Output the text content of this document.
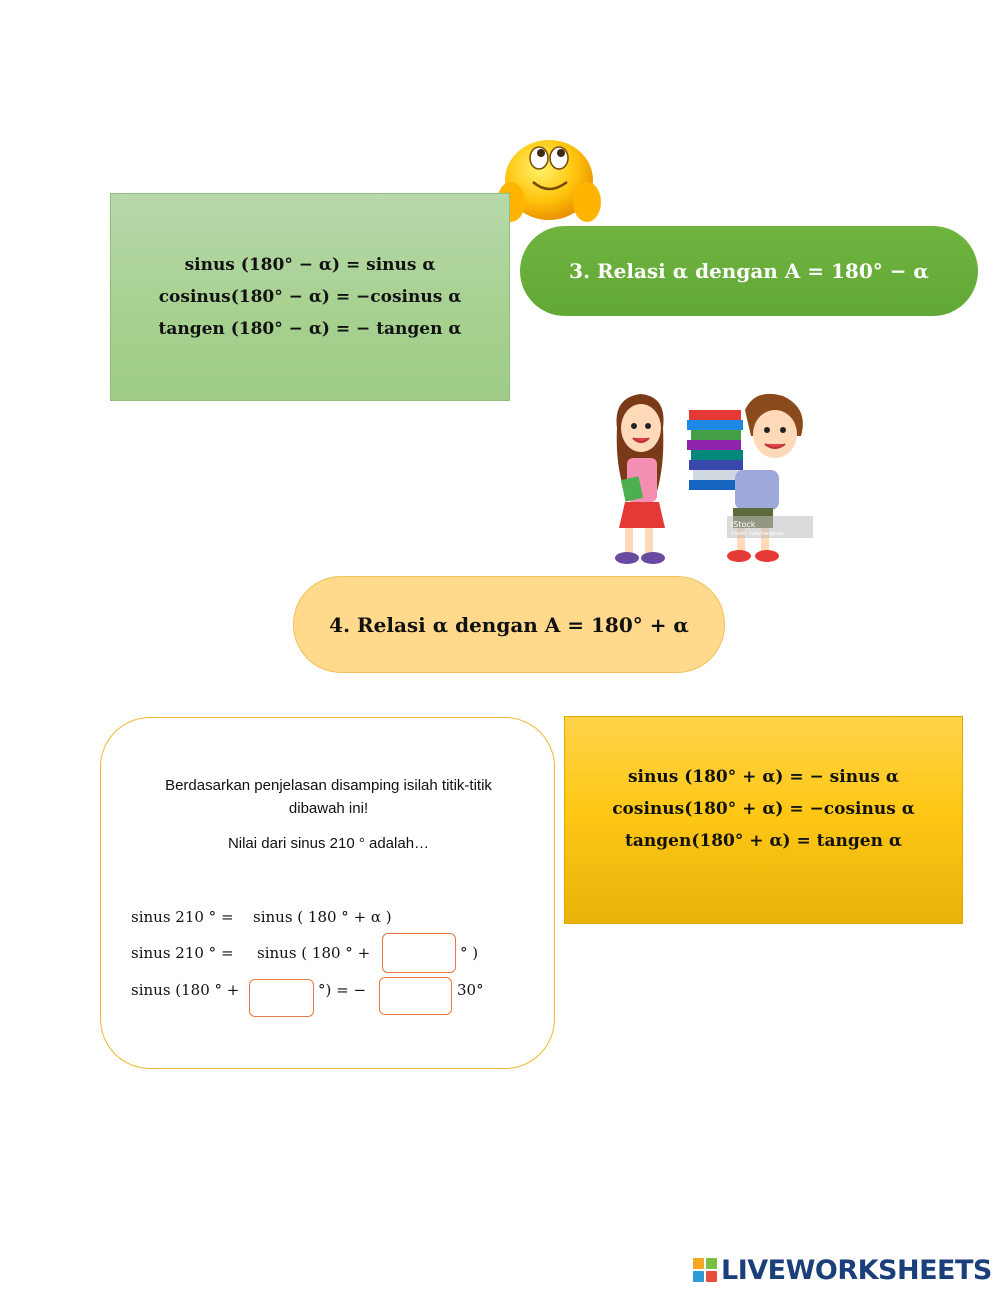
sinus (180° − α) = sinus α
cosinus(180° − α) = −cosinus α
tangen (180° − α) = − tangen α
3. Relasi α dengan A = 180° − α
iStock
Credit: rudyhengkaw
4. Relasi α dengan A = 180° + α
Berdasarkan penjelasan disamping isilah titik-titik dibawah ini!
Nilai dari sinus 210 ° adalah…
sinus 210 ° = sinus ( 180 ° + α )
sinus 210 ° = sinus ( 180 ° +	° )
sinus (180 ° +	°) = −	30°
sinus (180° + α) = − sinus α
cosinus(180° + α) = −cosinus α
tangen(180° + α) = tangen α
LIVEWORKSHEETS
